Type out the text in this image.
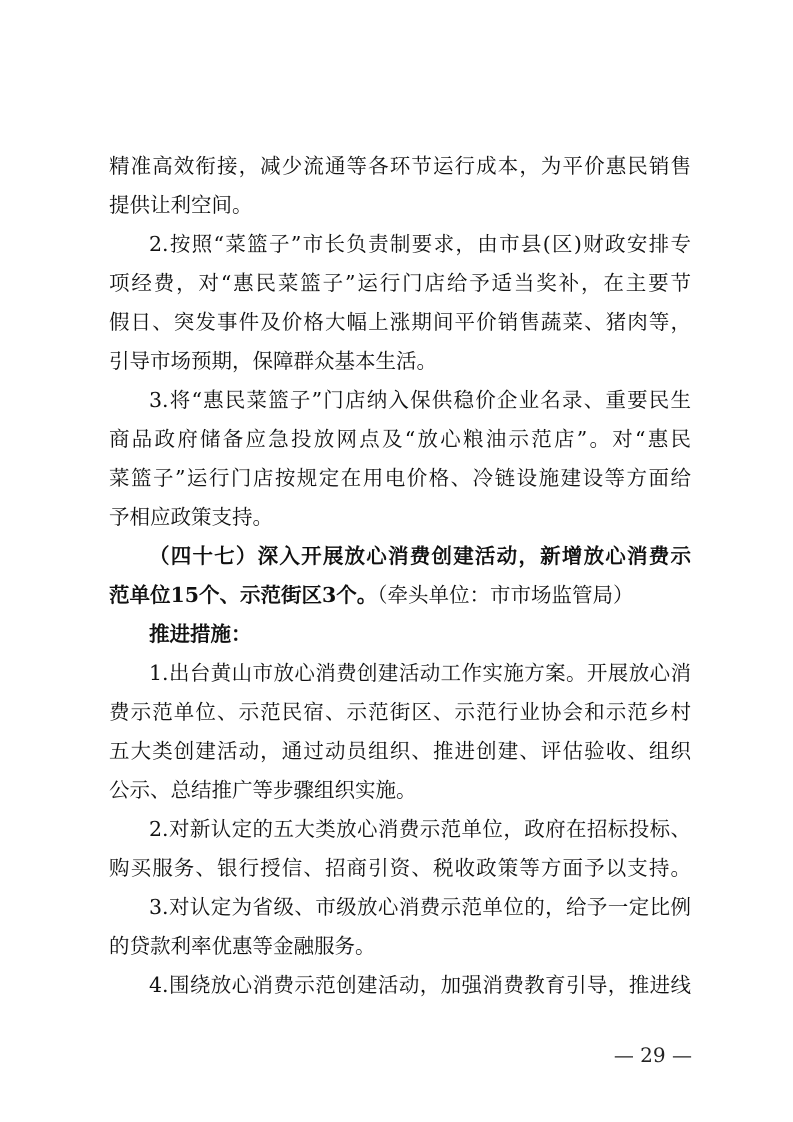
精准高效衔接，减少流通等各环节运行成本，为平价惠民销售
提供让利空间。
2.按照“菜篮子”市长负责制要求，由市县(区)财政安排专
项经费，对“惠民菜篮子”运行门店给予适当奖补，在主要节
假日、突发事件及价格大幅上涨期间平价销售蔬菜、猪肉等，
引导市场预期，保障群众基本生活。
3.将“惠民菜篮子”门店纳入保供稳价企业名录、重要民生
商品政府储备应急投放网点及“放心粮油示范店”。对“惠民
菜篮子”运行门店按规定在用电价格、冷链设施建设等方面给
予相应政策支持。
（四十七）深入开展放心消费创建活动，新增放心消费示
范单位15个、示范街区3个。（牵头单位：市市场监管局）
推进措施：
1.出台黄山市放心消费创建活动工作实施方案。开展放心消
费示范单位、示范民宿、示范街区、示范行业协会和示范乡村
五大类创建活动，通过动员组织、推进创建、评估验收、组织
公示、总结推广等步骤组织实施。
2.对新认定的五大类放心消费示范单位，政府在招标投标、
购买服务、银行授信、招商引资、税收政策等方面予以支持。
3.对认定为省级、市级放心消费示范单位的，给予一定比例
的贷款利率优惠等金融服务。
4.围绕放心消费示范创建活动，加强消费教育引导，推进线
— 29 —
